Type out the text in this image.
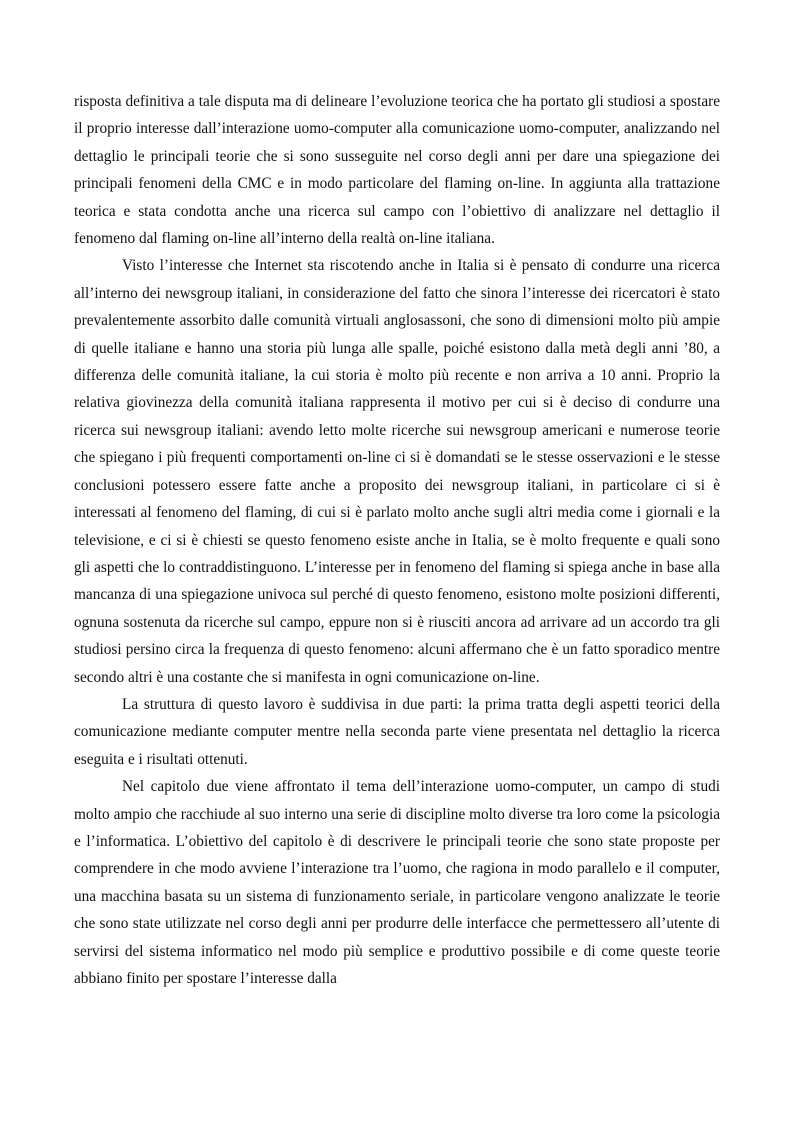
risposta definitiva a tale disputa ma di delineare l’evoluzione teorica che ha portato gli studiosi a spostare il proprio interesse dall’interazione uomo-computer alla comunicazione uomo-computer, analizzando nel dettaglio le principali teorie che si sono susseguite nel corso degli anni per dare una spiegazione dei principali fenomeni della CMC e in modo particolare del flaming on-line. In aggiunta alla trattazione teorica e stata condotta anche una ricerca sul campo con l’obiettivo di analizzare nel dettaglio il fenomeno dal flaming on-line all’interno della realtà on-line italiana.

Visto l’interesse che Internet sta riscotendo anche in Italia si è pensato di condurre una ricerca all’interno dei newsgroup italiani, in considerazione del fatto che sinora l’interesse dei ricercatori è stato prevalentemente assorbito dalle comunità virtuali anglosassoni, che sono di dimensioni molto più ampie di quelle italiane e hanno una storia più lunga alle spalle, poiché esistono dalla metà degli anni ’80, a differenza delle comunità italiane, la cui storia è molto più recente e non arriva a 10 anni. Proprio la relativa giovinezza della comunità italiana rappresenta il motivo per cui si è deciso di condurre una ricerca sui newsgroup italiani: avendo letto molte ricerche sui newsgroup americani e numerose teorie che spiegano i più frequenti comportamenti on-line ci si è domandati se le stesse osservazioni e le stesse conclusioni potessero essere fatte anche a proposito dei newsgroup italiani, in particolare ci si è interessati al fenomeno del flaming, di cui si è parlato molto anche sugli altri media come i giornali e la televisione, e ci si è chiesti se questo fenomeno esiste anche in Italia, se è molto frequente e quali sono gli aspetti che lo contraddistinguono. L’interesse per in fenomeno del flaming si spiega anche in base alla mancanza di una spiegazione univoca sul perché di questo fenomeno, esistono molte posizioni differenti, ognuna sostenuta da ricerche sul campo, eppure non si è riusciti ancora ad arrivare ad un accordo tra gli studiosi persino circa la frequenza di questo fenomeno: alcuni affermano che è un fatto sporadico mentre secondo altri è una costante che si manifesta in ogni comunicazione on-line.

La struttura di questo lavoro è suddivisa in due parti: la prima tratta degli aspetti teorici della comunicazione mediante computer mentre nella seconda parte viene presentata nel dettaglio la ricerca eseguita e i risultati ottenuti.

Nel capitolo due viene affrontato il tema dell’interazione uomo-computer, un campo di studi molto ampio che racchiude al suo interno una serie di discipline molto diverse tra loro come la psicologia e l’informatica. L’obiettivo del capitolo è di descrivere le principali teorie che sono state proposte per comprendere in che modo avviene l’interazione tra l’uomo, che ragiona in modo parallelo e il computer, una macchina basata su un sistema di funzionamento seriale, in particolare vengono analizzate le teorie che sono state utilizzate nel corso degli anni per produrre delle interfacce che permettessero all’utente di servirsi del sistema informatico nel modo più semplice e produttivo possibile e di come queste teorie abbiano finito per spostare l’interesse dalla
